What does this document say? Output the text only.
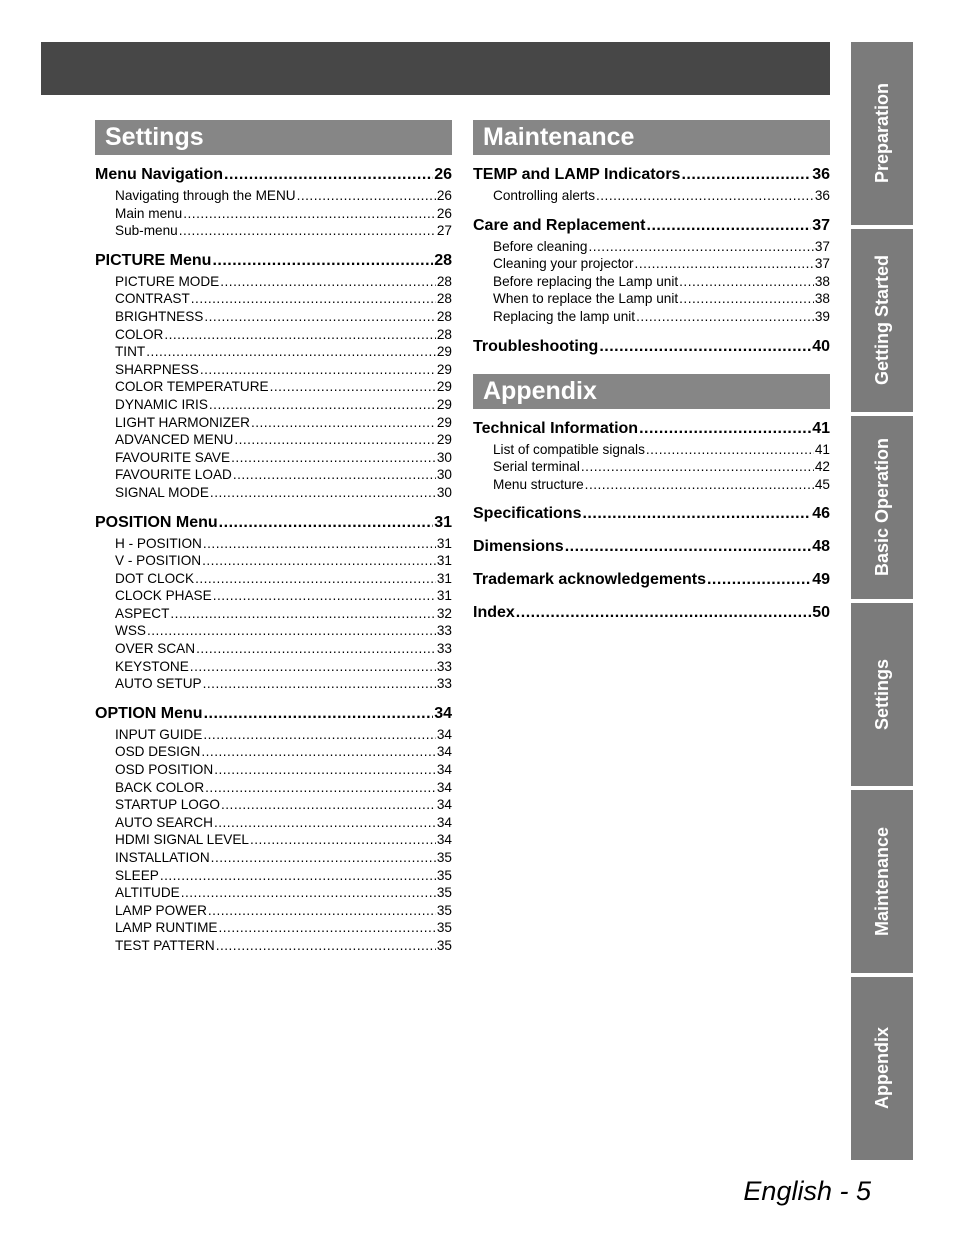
Preparation
Getting Started
Basic Operation
Settings
Maintenance
Appendix
Settings
Menu Navigation .....	26
Navigating through the MENU .....	26
Main menu .....	26
Sub-menu .....	27
PICTURE Menu .....	28
PICTURE MODE .....	28
CONTRAST .....	28
BRIGHTNESS .....	28
COLOR .....	28
TINT .....	29
SHARPNESS .....	29
COLOR TEMPERATURE .....	29
DYNAMIC IRIS .....	29
LIGHT HARMONIZER .....	29
ADVANCED MENU .....	29
FAVOURITE SAVE .....	30
FAVOURITE LOAD .....	30
SIGNAL MODE .....	30
POSITION Menu .....	31
H - POSITION .....	31
V - POSITION .....	31
DOT CLOCK .....	31
CLOCK PHASE .....	31
ASPECT .....	32
WSS .....	33
OVER SCAN .....	33
KEYSTONE .....	33
AUTO SETUP .....	33
OPTION Menu .....	34
INPUT GUIDE .....	34
OSD DESIGN .....	34
OSD POSITION .....	34
BACK COLOR .....	34
STARTUP LOGO .....	34
AUTO SEARCH .....	34
HDMI SIGNAL LEVEL .....	34
INSTALLATION .....	35
SLEEP .....	35
ALTITUDE .....	35
LAMP POWER .....	35
LAMP RUNTIME .....	35
TEST PATTERN .....	35
Maintenance
TEMP and LAMP Indicators .....	36
Controlling alerts .....	36
Care and Replacement .....	37
Before cleaning .....	37
Cleaning your projector .....	37
Before replacing the Lamp unit .....	38
When to replace the Lamp unit .....	38
Replacing the lamp unit .....	39
Troubleshooting .....	40
Appendix
Technical Information .....	41
List of compatible signals .....	41
Serial terminal .....	42
Menu structure .....	45
Specifications .....	46
Dimensions .....	48
Trademark acknowledgements .....	49
Index .....	50
English - 5
